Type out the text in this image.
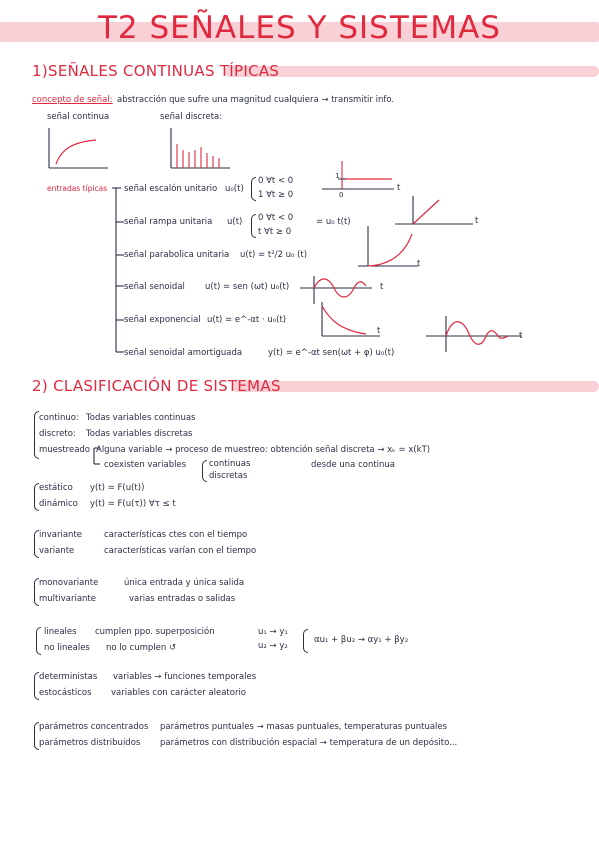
T2 SEÑALES Y SISTEMAS
1)SEÑALES CONTINUAS TÍPICAS
concepto de señal: abstracción que sufre una magnitud cualquiera → transmitir info.
señal continua	señal discreta:
entradas típicas señal escalón unitario u₀(t)
0 ∀t < 0
1 ∀t ≥ 0
1
0
t
señal rampa unitaria u(t) 0 ∀t < 0
t ∀t ≥ 0
= u₀ t(t)	t
señal parabolica unitaria u(t) = t²/2 u₀ (t)
t
señal senoidal u(t) = sen (ωt) u₀(t)	t
señal exponencial u(t) = e^-αt · u₀(t)
t
señal senoidal amortiguada	y(t) = e^-αt sen(ωt + φ) u₀(t)
t
2) CLASIFICACIÓN DE SISTEMAS
continuo: Todas variables continuas
discreto: Todas variables discretas
muestreado Alguna variable → proceso de muestreo: obtención señal discreta → xₖ = x(kT)
coexisten variables	continuas
discretas
desde una continua
estático y(t) = F(u(t))
dinámico y(t) = F(u(τ)) ∀τ ≤ t
invariante	características ctes con el tiempo
variante	características varían con el tiempo
monovariante	única entrada y única salida
multivariante	varias entradas o salidas
lineales cumplen ppo. superposición
no lineales no lo cumplen ↺
u₁ → y₁
u₂ → y₂
αu₁ + βu₂ → αy₁ + βy₂
deterministas variables → funciones temporales
estocásticos variables con carácter aleatorio
parámetros concentrados parámetros puntuales → masas puntuales, temperaturas puntuales
parámetros distribuidos parámetros con distribución espacial → temperatura de un depósito...
